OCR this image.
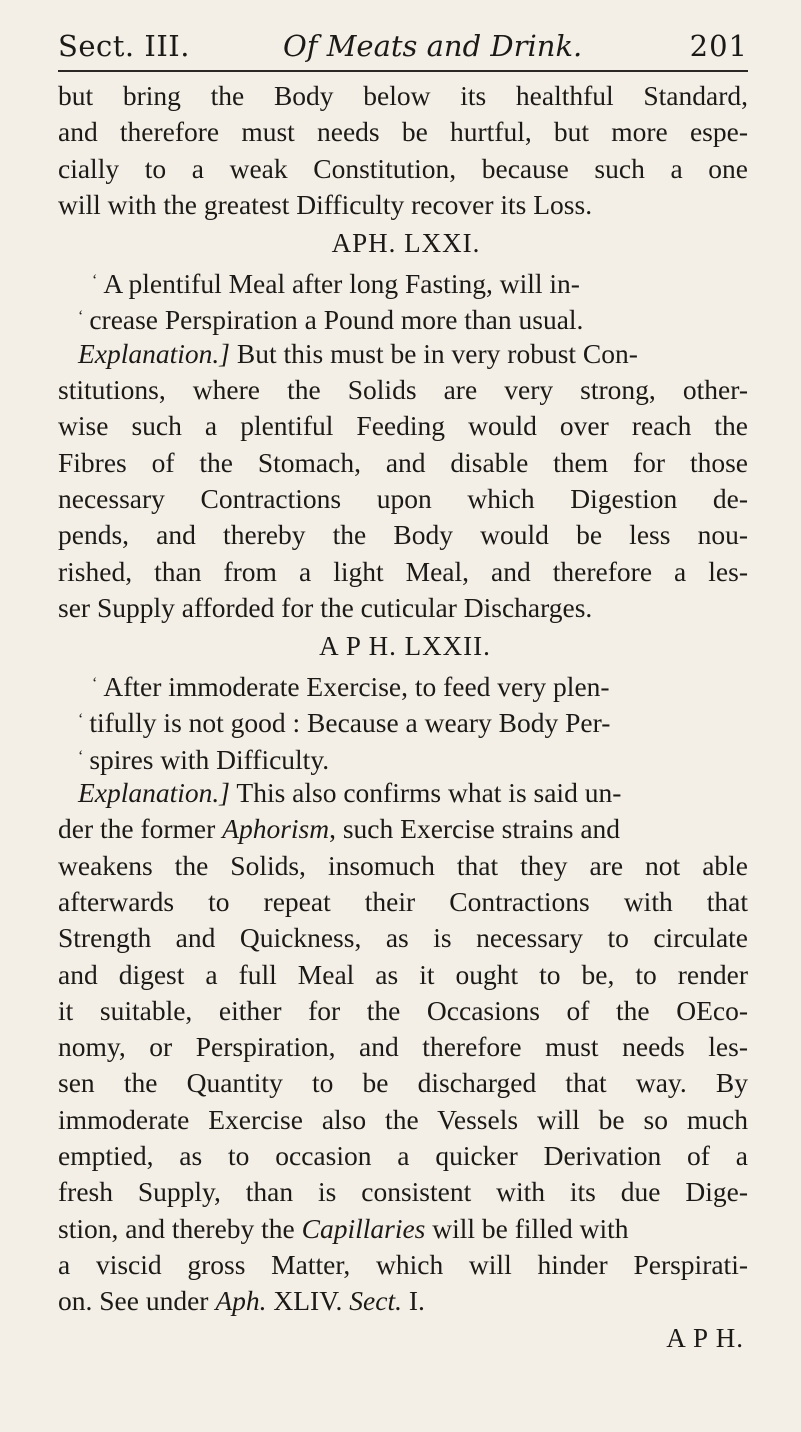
Sect. III.	Of Meats and Drink.	201
but bring the Body below its healthful Standard,
and therefore must needs be hurtful, but more espe-
cially to a weak Constitution, because such a one
will with the greatest Difficulty recover its Loss.
APH. LXXI.
‘ A plentiful Meal after long Fasting, will in-
‘ crease Perspiration a Pound more than usual.
Explanation.] But this must be in very robust Con-
stitutions, where the Solids are very strong, other-
wise such a plentiful Feeding would over reach the
Fibres of the Stomach, and disable them for those
necessary Contractions upon which Digestion de-
pends, and thereby the Body would be less nou-
rished, than from a light Meal, and therefore a les-
ser Supply afforded for the cuticular Discharges.
A P H. LXXII.
‘ After immoderate Exercise, to feed very plen-
‘ tifully is not good : Because a weary Body Per-
‘ spires with Difficulty.
Explanation.] This also confirms what is said un-
der the former Aphorism, such Exercise strains and
weakens the Solids, insomuch that they are not able
afterwards to repeat their Contractions with that
Strength and Quickness, as is necessary to circulate
and digest a full Meal as it ought to be, to render
it suitable, either for the Occasions of the OEco-
nomy, or Perspiration, and therefore must needs les-
sen the Quantity to be discharged that way. By
immoderate Exercise also the Vessels will be so much
emptied, as to occasion a quicker Derivation of a
fresh Supply, than is consistent with its due Dige-
stion, and thereby the Capillaries will be filled with
a viscid gross Matter, which will hinder Perspirati-
on. See under Aph. XLIV. Sect. I.
A P H.
